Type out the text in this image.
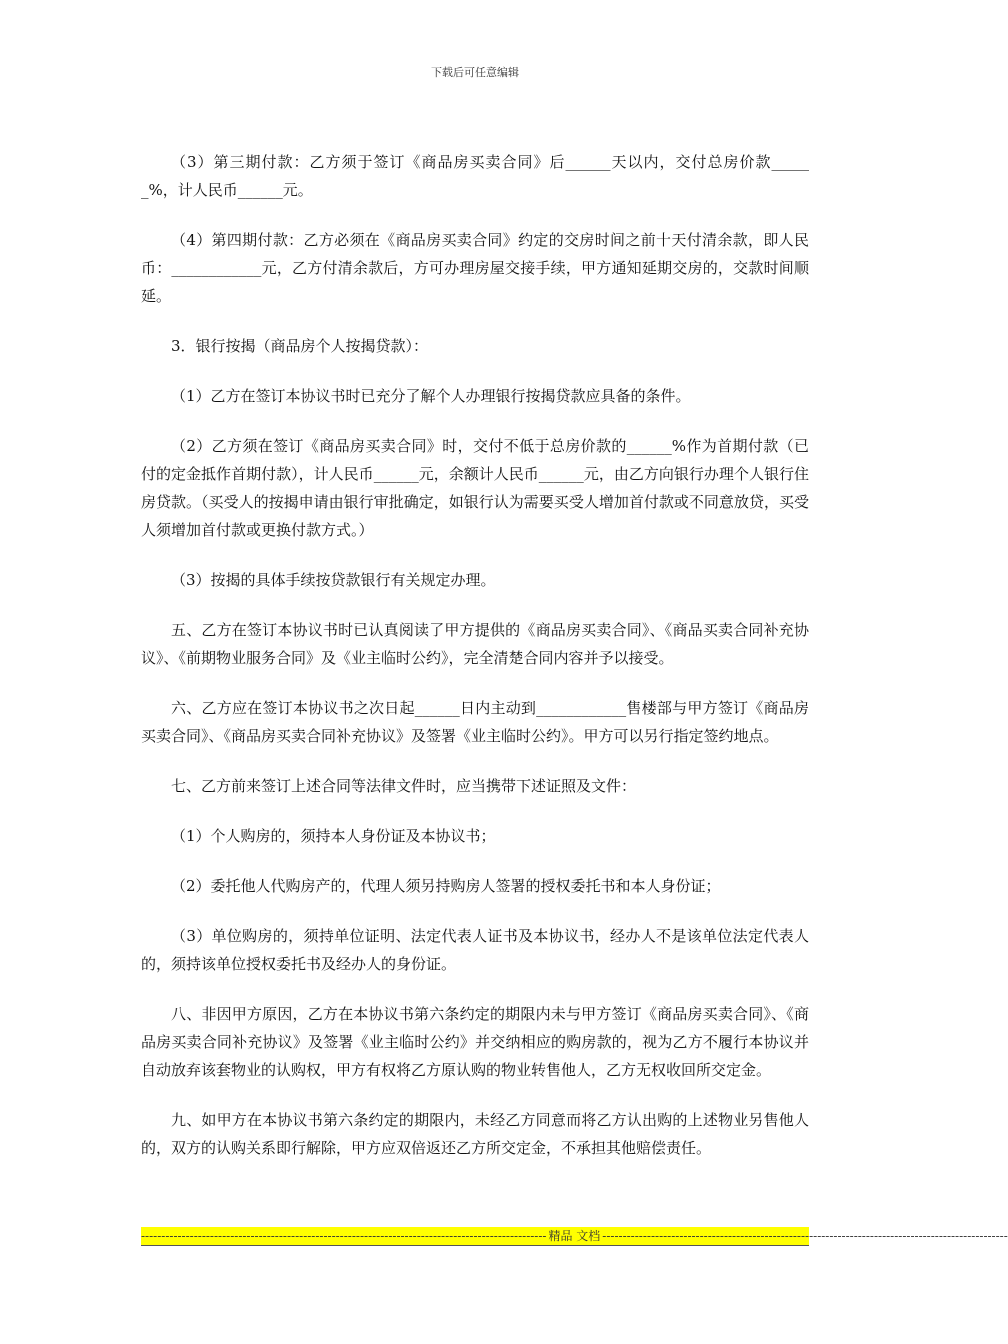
下载后可任意编辑

（3）第三期付款：乙方须于签订《商品房买卖合同》后______天以内，交付总房价款______%，计人民币______元。

（4）第四期付款：乙方必须在《商品房买卖合同》约定的交房时间之前十天付清余款，即人民币：____________元，乙方付清余款后，方可办理房屋交接手续，甲方通知延期交房的，交款时间顺延。

3．银行按揭（商品房个人按揭贷款）：

（1）乙方在签订本协议书时已充分了解个人办理银行按揭贷款应具备的条件。

（2）乙方须在签订《商品房买卖合同》时，交付不低于总房价款的______%作为首期付款（已付的定金抵作首期付款），计人民币______元，余额计人民币______元，由乙方向银行办理个人银行住房贷款。（买受人的按揭申请由银行审批确定，如银行认为需要买受人增加首付款或不同意放贷，买受人须增加首付款或更换付款方式。）

（3）按揭的具体手续按贷款银行有关规定办理。

五、乙方在签订本协议书时已认真阅读了甲方提供的《商品房买卖合同》、《商品买卖合同补充协议》、《前期物业服务合同》及《业主临时公约》，完全清楚合同内容并予以接受。

六、乙方应在签订本协议书之次日起______日内主动到____________售楼部与甲方签订《商品房买卖合同》、《商品房买卖合同补充协议》及签署《业主临时公约》。甲方可以另行指定签约地点。

七、乙方前来签订上述合同等法律文件时，应当携带下述证照及文件：

（1）个人购房的，须持本人身份证及本协议书；

（2）委托他人代购房产的，代理人须另持购房人签署的授权委托书和本人身份证；

（3）单位购房的，须持单位证明、法定代表人证书及本协议书，经办人不是该单位法定代表人的，须持该单位授权委托书及经办人的身份证。

八、非因甲方原因，乙方在本协议书第六条约定的期限内未与甲方签订《商品房买卖合同》、《商品房买卖合同补充协议》及签署《业主临时公约》并交纳相应的购房款的，视为乙方不履行本协议并自动放弃该套物业的认购权，甲方有权将乙方原认购的物业转售他人，乙方无权收回所交定金。

九、如甲方在本协议书第六条约定的期限内，未经乙方同意而将乙方认出购的上述物业另售他人的，双方的认购关系即行解除，甲方应双倍返还乙方所交定金，不承担其他赔偿责任。

---------------------------------------------------------------------------------------------------- 精品 文档 ----------------------------------------------------------------------------------------------------
